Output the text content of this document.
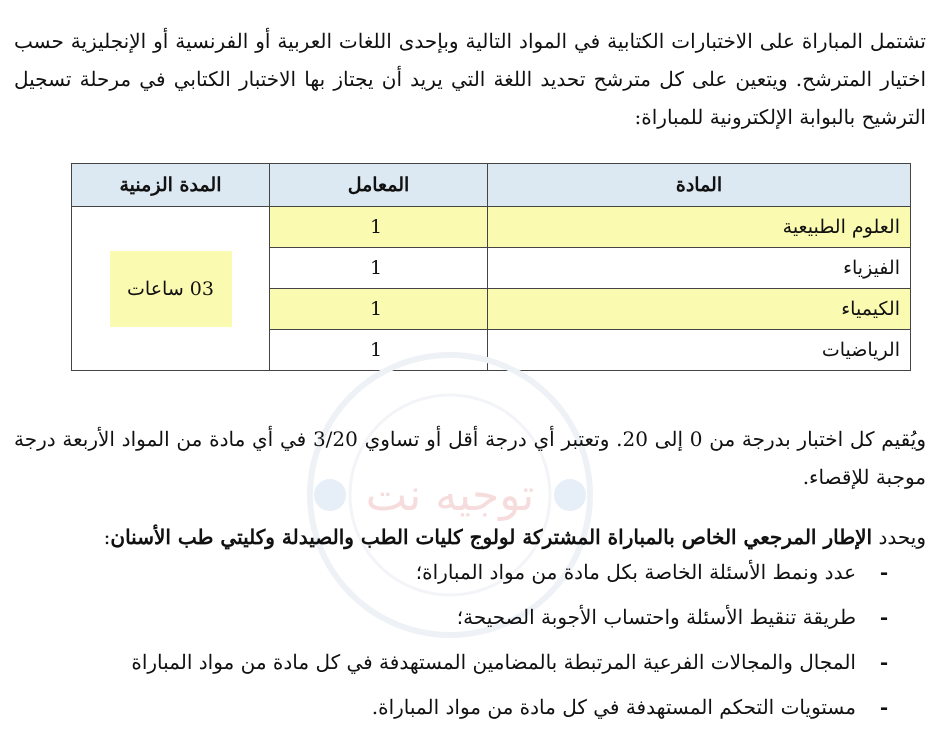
تشتمل المباراة على الاختبارات الكتابية في المواد التالية وبإحدى اللغات العربية أو الفرنسية أو الإنجليزية حسب اختيار المترشح. ويتعين على كل مترشح تحديد اللغة التي يريد أن يجتاز بها الاختبار الكتابي في مرحلة تسجيل الترشيح بالبوابة الإلكترونية للمباراة:

المادة	المعامل	المدة الزمنية
العلوم الطبيعية	1	03 ساعات
الفيزياء	1	
الكيمياء	1	
الرياضيات	1	
توجيه نت

ويُقيم كل اختبار بدرجة من 0 إلى 20. وتعتبر أي درجة أقل أو تساوي 3/20 في أي مادة من المواد الأربعة درجة موجبة للإقصاء.

ويحدد الإطار المرجعي الخاص بالمباراة المشتركة لولوج كليات الطب والصيدلة وكليتي طب الأسنان:

-
عدد ونمط الأسئلة الخاصة بكل مادة من مواد المباراة؛
-
طريقة تنقيط الأسئلة واحتساب الأجوبة الصحيحة؛
-
المجال والمجالات الفرعية المرتبطة بالمضامين المستهدفة في كل مادة من مواد المباراة
-
مستويات التحكم المستهدفة في كل مادة من مواد المباراة.
